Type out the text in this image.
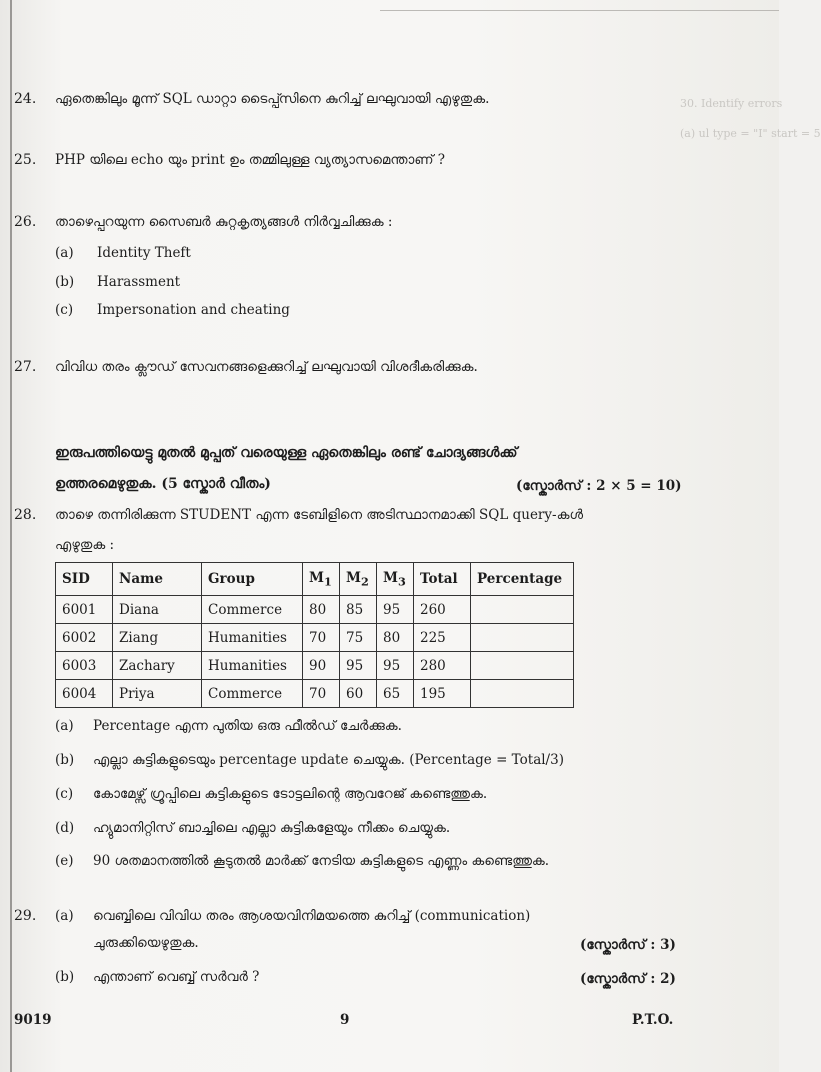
30. Identify errors
(a) ul type = "I" start = 5
24.	ഏതെങ്കിലും മൂന്ന് SQL ഡാറ്റാ ടൈപ്പ്സിനെ കുറിച്ച് ലഘുവായി എഴുതുക.
25.	PHP യിലെ echo യും print ഉം തമ്മിലുള്ള വ്യത്യാസമെന്താണ് ?
26.	താഴെപ്പറയുന്ന സൈബർ കുറ്റകൃത്യങ്ങൾ നിർവ്വചിക്കുക :
(a) Identity Theft
(b) Harassment
(c) Impersonation and cheating
27.	വിവിധ തരം ക്ലൗഡ് സേവനങ്ങളെക്കുറിച്ച് ലഘുവായി വിശദീകരിക്കുക.
ഇരുപത്തിയെട്ടു മുതൽ മുപ്പത് വരെയുള്ള ഏതെങ്കിലും രണ്ട് ചോദ്യങ്ങൾക്ക്
ഉത്തരമെഴുതുക. (5 സ്കോർ വീതം)	(സ്കോർസ് : 2 × 5 = 10)
28.	താഴെ തന്നിരിക്കുന്ന STUDENT എന്ന ടേബിളിനെ അടിസ്ഥാനമാക്കി SQL query-കൾ
എഴുതുക :
SID	Name	Group	$M_1$	$M_2$	$M_3$	Total	Percentage
6001	Diana	Commerce	80	85	95	260	
6002	Ziang	Humanities	70	75	80	225	
6003	Zachary	Humanities	90	95	95	280	
6004	Priya	Commerce	70	60	65	195	
(a) Percentage എന്ന പുതിയ ഒരു ഫീൽഡ് ചേർക്കുക.
(b) എല്ലാ കുട്ടികളുടെയും percentage update ചെയ്യുക. (Percentage = Total/3)
(c) കോമേഴ്സ് ഗ്രൂപ്പിലെ കുട്ടികളുടെ ടോട്ടലിന്റെ ആവറേജ് കണ്ടെത്തുക.
(d) ഹ്യുമാനിറ്റിസ് ബാച്ചിലെ എല്ലാ കുട്ടികളേയും നീക്കം ചെയ്യുക.
(e) 90 ശതമാനത്തിൽ കൂടുതൽ മാർക്ക് നേടിയ കുട്ടികളുടെ എണ്ണം കണ്ടെത്തുക.
29.	(a) വെബ്ബിലെ വിവിധ തരം ആശയവിനിമയത്തെ കുറിച്ച് (communication)
ചുരുക്കിയെഴുതുക.	(സ്കോർസ് : 3)
(b) എന്താണ് വെബ്ബ് സർവർ ?	(സ്കോർസ് : 2)
9019	9	P.T.O.
